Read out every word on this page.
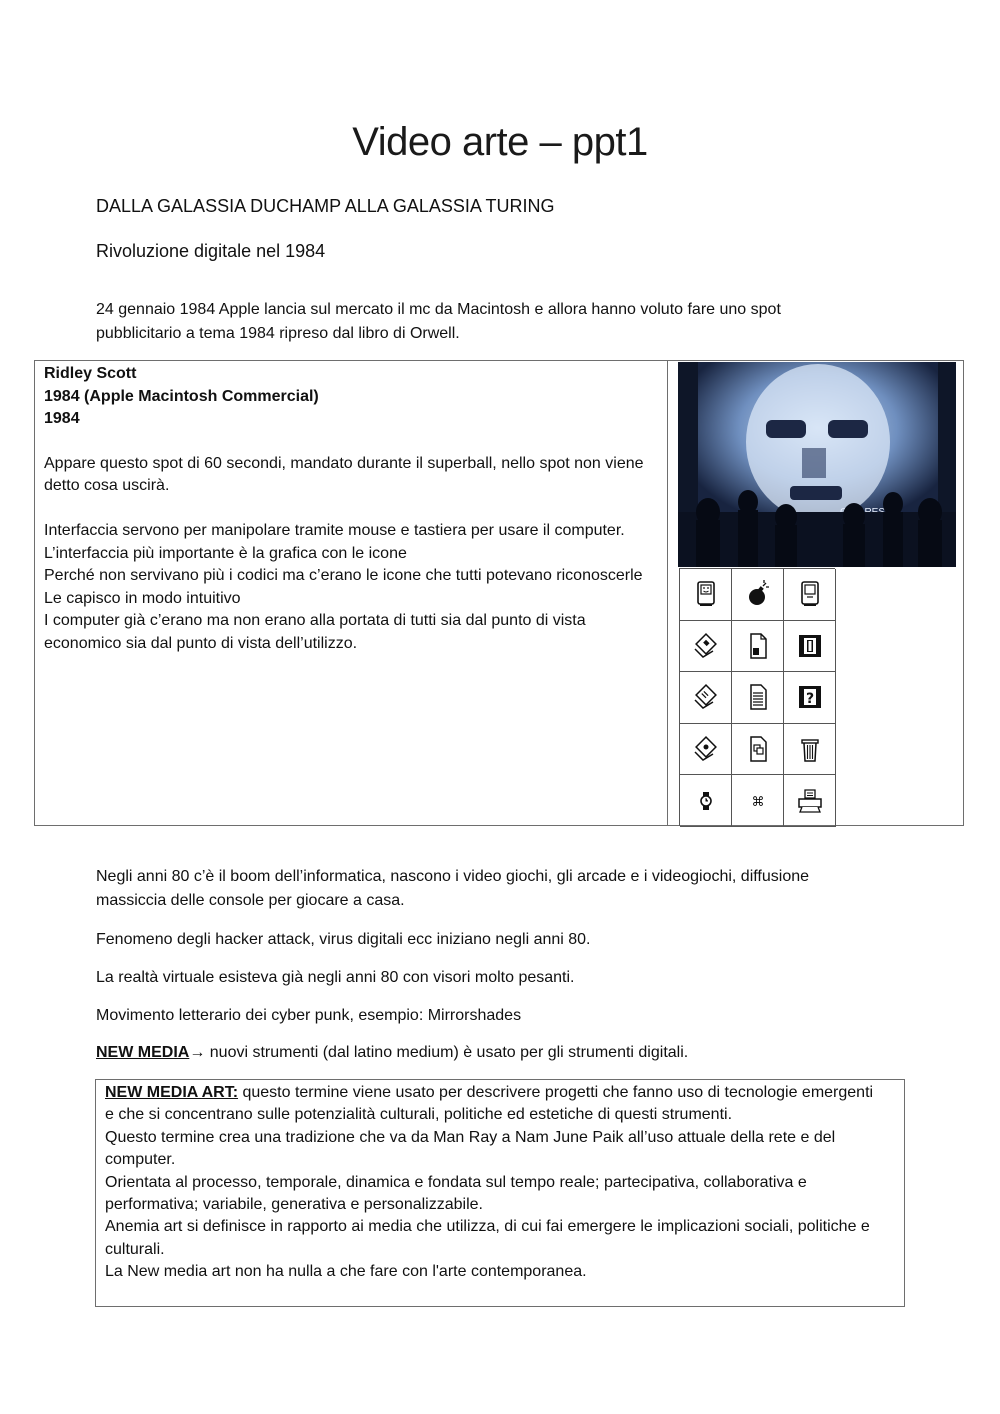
Video arte – ppt1
DALLA GALASSIA DUCHAMP ALLA GALASSIA TURING
Rivoluzione digitale nel 1984
24 gennaio 1984 Apple lancia sul mercato il mc da Macintosh e allora hanno voluto fare uno spot pubblicitario a tema 1984 ripreso dal libro di Orwell.

Ridley Scott

1984 (Apple Macintosh Commercial)

1984

Appare questo spot di 60 secondi, mandato durante il superball, nello spot non viene detto cosa uscirà.

Interfaccia servono per manipolare tramite mouse e tastiera per usare il computer.

L’interfaccia più importante è la grafica con le icone

Perché non servivano più i codici ma c’erano le icone che tutti potevano riconoscerle

Le capisco in modo intuitivo

I computer già c’erano ma non erano alla portata di tutti sia dal punto di vista economico sia dal punto di vista dell’utilizzo.

?
⌘
Negli anni 80 c’è il boom dell’informatica, nascono i video giochi, gli arcade e i videogiochi, diffusione massiccia delle console per giocare a casa.
Fenomeno degli hacker attack, virus digitali ecc iniziano negli anni 80.
La realtà virtuale esisteva già negli anni 80 con visori molto pesanti.
Movimento letterario dei cyber punk, esempio: Mirrorshades
NEW MEDIA→ nuovi strumenti (dal latino medium) è usato per gli strumenti digitali.

NEW MEDIA ART: questo termine viene usato per descrivere progetti che fanno uso di tecnologie emergenti e che si concentrano sulle potenzialità culturali, politiche ed estetiche di questi strumenti.

Questo termine crea una tradizione che va da Man Ray a Nam June Paik all’uso attuale della rete e del computer.

Orientata al processo, temporale, dinamica e fondata sul tempo reale; partecipativa, collaborativa e performativa; variabile, generativa e personalizzabile.

Anemia art si definisce in rapporto ai media che utilizza, di cui fai emergere le implicazioni sociali, politiche e culturali.

La New media art non ha nulla a che fare con l'arte contemporanea.
